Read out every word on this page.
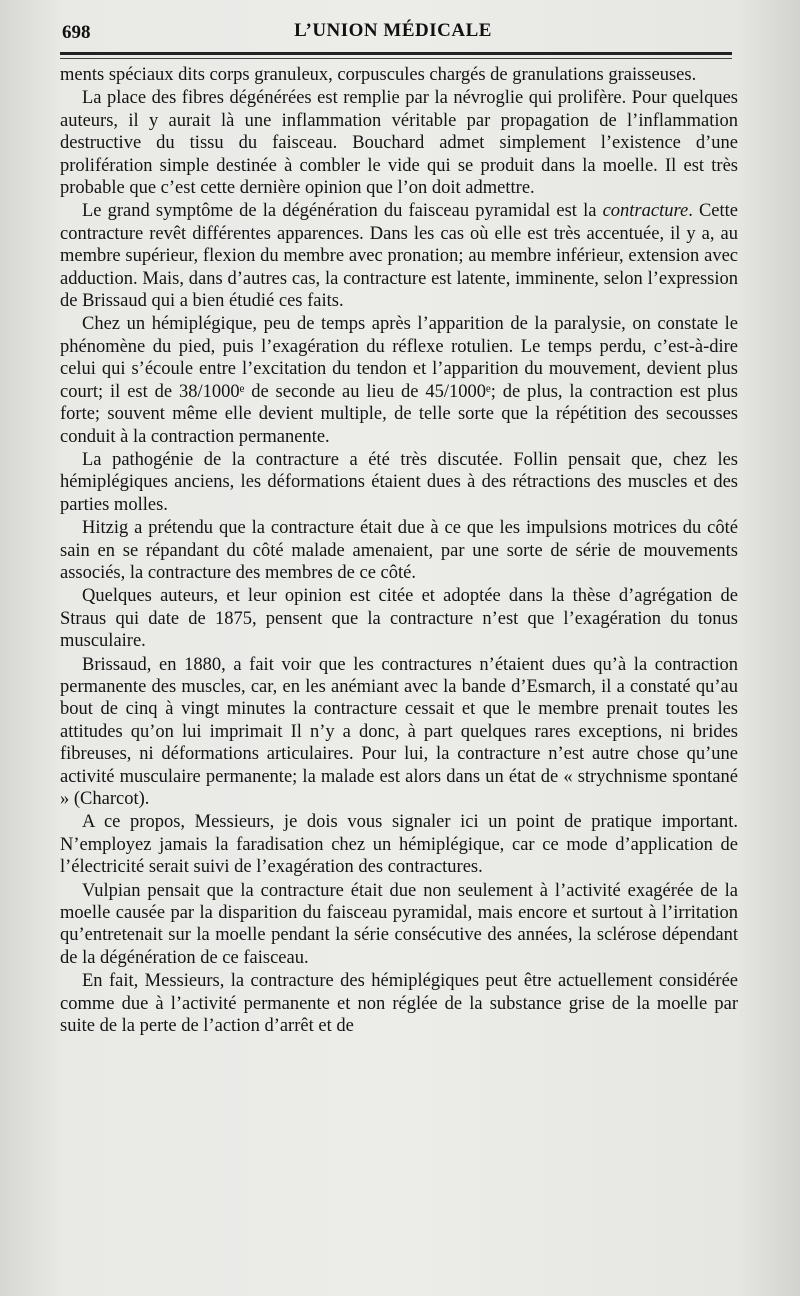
698	L’UNION MÉDICALE

ments spéciaux dits corps granuleux, corpuscules chargés de granulations graisseuses.

La place des fibres dégénérées est remplie par la névroglie qui prolifère. Pour quelques auteurs, il y aurait là une inflammation véritable par propagation de l’inflammation destructive du tissu du faisceau. Bouchard admet simplement l’existence d’une prolifération simple destinée à combler le vide qui se produit dans la moelle. Il est très probable que c’est cette dernière opinion que l’on doit admettre.

Le grand symptôme de la dégénération du faisceau pyramidal est la contracture. Cette contracture revêt différentes apparences. Dans les cas où elle est très accentuée, il y a, au membre supérieur, flexion du membre avec pronation; au membre inférieur, extension avec adduction. Mais, dans d’autres cas, la contracture est latente, imminente, selon l’expression de Brissaud qui a bien étudié ces faits.

Chez un hémiplégique, peu de temps après l’apparition de la paralysie, on constate le phénomène du pied, puis l’exagération du réflexe rotulien. Le temps perdu, c’est-à-dire celui qui s’écoule entre l’excitation du tendon et l’apparition du mouvement, devient plus court; il est de 38/1000ᵉ de seconde au lieu de 45/1000ᵉ; de plus, la contraction est plus forte; souvent même elle devient multiple, de telle sorte que la répétition des secousses conduit à la contraction permanente.

La pathogénie de la contracture a été très discutée. Follin pensait que, chez les hémiplégiques anciens, les déformations étaient dues à des rétractions des muscles et des parties molles.

Hitzig a prétendu que la contracture était due à ce que les impulsions motrices du côté sain en se répandant du côté malade amenaient, par une sorte de série de mouvements associés, la contracture des membres de ce côté.

Quelques auteurs, et leur opinion est citée et adoptée dans la thèse d’agrégation de Straus qui date de 1875, pensent que la contracture n’est que l’exagération du tonus musculaire.

Brissaud, en 1880, a fait voir que les contractures n’étaient dues qu’à la contraction permanente des muscles, car, en les anémiant avec la bande d’Esmarch, il a constaté qu’au bout de cinq à vingt minutes la contracture cessait et que le membre prenait toutes les attitudes qu’on lui imprimait Il n’y a donc, à part quelques rares exceptions, ni brides fibreuses, ni déformations articulaires. Pour lui, la contracture n’est autre chose qu’une activité musculaire permanente; la malade est alors dans un état de « strychnisme spontané » (Charcot).

A ce propos, Messieurs, je dois vous signaler ici un point de pratique important. N’employez jamais la faradisation chez un hémiplégique, car ce mode d’application de l’électricité serait suivi de l’exagération des contractures.

Vulpian pensait que la contracture était due non seulement à l’activité exagérée de la moelle causée par la disparition du faisceau pyramidal, mais encore et surtout à l’irritation qu’entretenait sur la moelle pendant la série consécutive des années, la sclérose dépendant de la dégénération de ce faisceau.

En fait, Messieurs, la contracture des hémiplégiques peut être actuellement considérée comme due à l’activité permanente et non réglée de la substance grise de la moelle par suite de la perte de l’action d’arrêt et de
